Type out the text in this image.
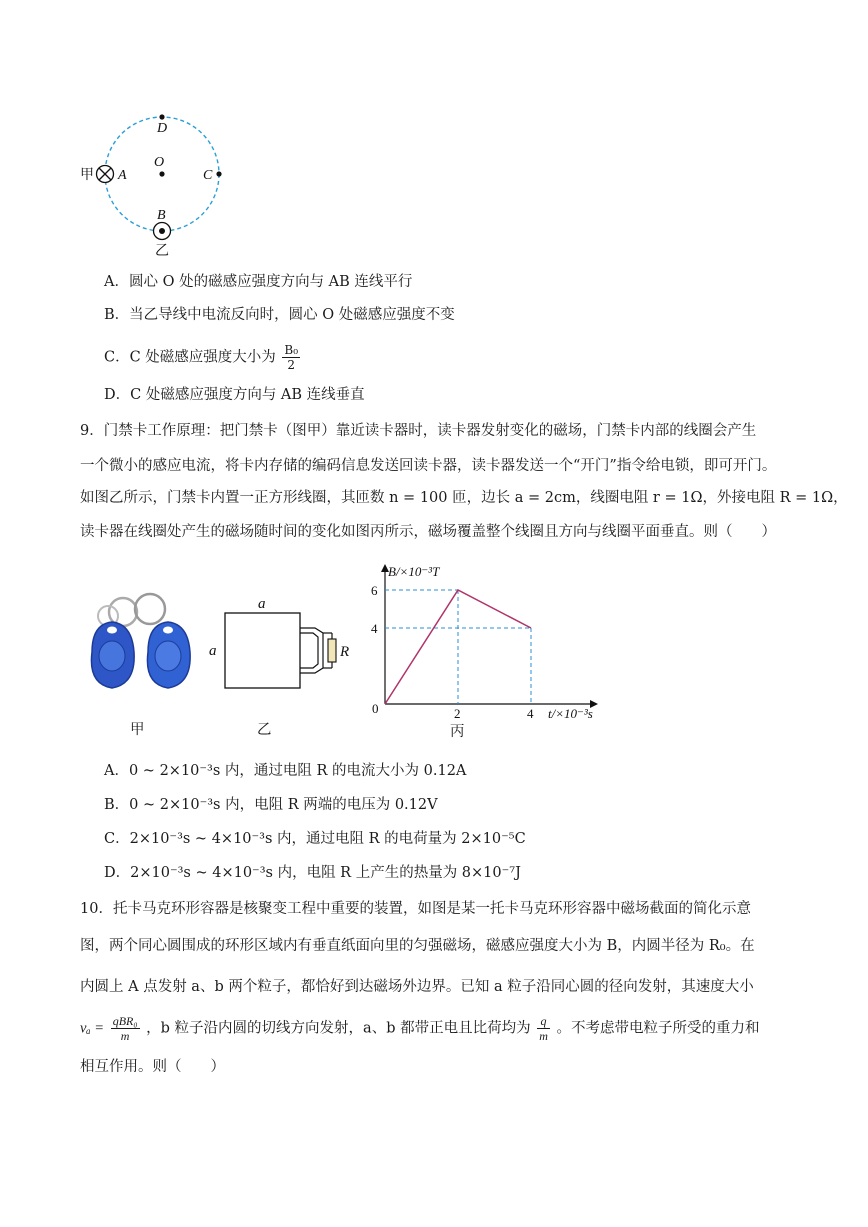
甲 A
D
O
C
B
乙
A．圆心 O 处的磁感应强度方向与 AB 连线平行
B．当乙导线中电流反向时，圆心 O 处磁感应强度不变
C．C 处磁感应强度大小为 $\frac{\text{B₀}}{2}$
D．C 处磁感应强度方向与 AB 连线垂直
9．门禁卡工作原理：把门禁卡（图甲）靠近读卡器时，读卡器发射变化的磁场，门禁卡内部的线圈会产生
一个微小的感应电流，将卡内存储的编码信息发送回读卡器，读卡器发送一个“开门”指令给电锁，即可开门。
如图乙所示，门禁卡内置一正方形线圈，其匝数 n = 100 匝，边长 a = 2cm，线圈电阻 r = 1Ω，外接电阻 R = 1Ω，
读卡器在线圈处产生的磁场随时间的变化如图丙所示，磁场覆盖整个线圈且方向与线圈平面垂直。则（　　）
甲
a
a	R
乙
B/×10⁻³T
t/×10⁻³s
0	2	4
6
4
丙
A．0 ~ 2×10⁻³s 内，通过电阻 R 的电流大小为 0.12A
B．0 ~ 2×10⁻³s 内，电阻 R 两端的电压为 0.12V
C．2×10⁻³s ~ 4×10⁻³s 内，通过电阻 R 的电荷量为 2×10⁻⁵C
D．2×10⁻³s ~ 4×10⁻³s 内，电阻 R 上产生的热量为 8×10⁻⁷J
10．托卡马克环形容器是核聚变工程中重要的装置，如图是某一托卡马克环形容器中磁场截面的简化示意
图，两个同心圆围成的环形区域内有垂直纸面向里的匀强磁场，磁感应强度大小为 B，内圆半径为 R₀。在
内圆上 A 点发射 a、b 两个粒子，都恰好到达磁场外边界。已知 a 粒子沿同心圆的径向发射，其速度大小
$v_a = \frac{\text{qBR₀}}{m}$ ，b 粒子沿内圆的切线方向发射，a、b 都带正电且比荷均为 $\frac{q}{m}$ 。不考虑带电粒子所受的重力和
相互作用。则（　　）
